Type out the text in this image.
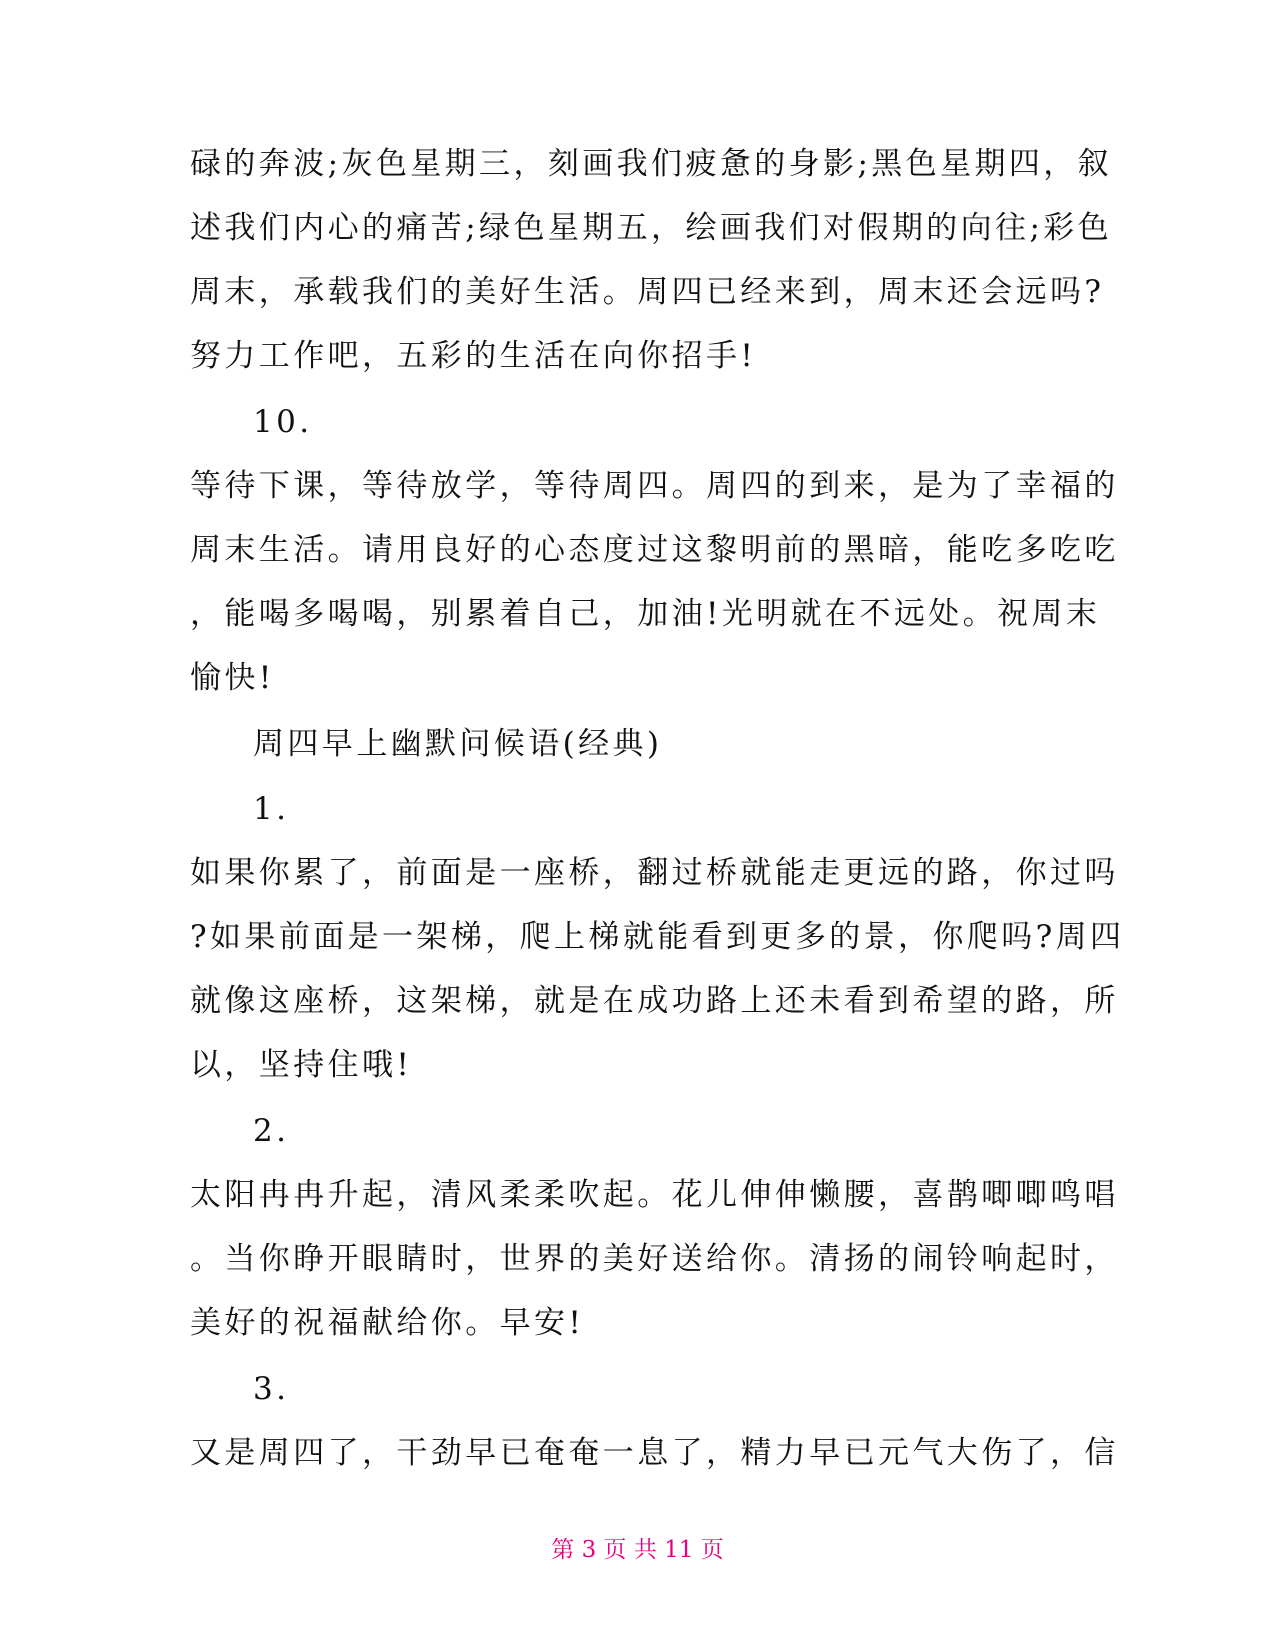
碌的奔波;灰色星期三，刻画我们疲惫的身影;黑色星期四，叙
述我们内心的痛苦;绿色星期五，绘画我们对假期的向往;彩色
周末，承载我们的美好生活。周四已经来到，周末还会远吗?
努力工作吧，五彩的生活在向你招手!
10.
等待下课，等待放学，等待周四。周四的到来，是为了幸福的
周末生活。请用良好的心态度过这黎明前的黑暗，能吃多吃吃
，能喝多喝喝，别累着自己，加油!光明就在不远处。祝周末
愉快!
周四早上幽默问候语(经典)
1.
如果你累了，前面是一座桥，翻过桥就能走更远的路，你过吗
?如果前面是一架梯，爬上梯就能看到更多的景，你爬吗?周四
就像这座桥，这架梯，就是在成功路上还未看到希望的路，所
以，坚持住哦!
2.
太阳冉冉升起，清风柔柔吹起。花儿伸伸懒腰，喜鹊唧唧鸣唱
。当你睁开眼睛时，世界的美好送给你。清扬的闹铃响起时，
美好的祝福献给你。早安!
3.
又是周四了，干劲早已奄奄一息了，精力早已元气大伤了，信
第 3 页 共 11 页
